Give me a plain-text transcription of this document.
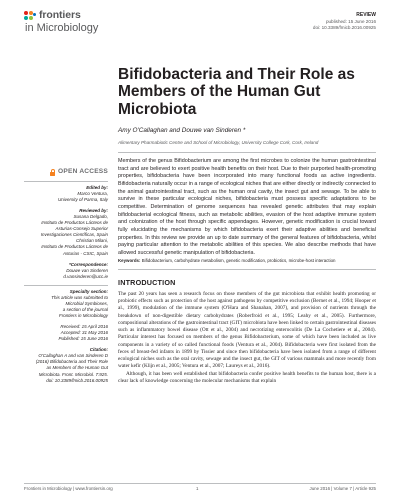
frontiers
in Microbiology
REVIEW
published: 15 June 2016
doi: 10.3389/fmicb.2016.00925
Bifidobacteria and Their Role as Members of the Human Gut Microbiota
Amy O'Callaghan and Douwe van Sinderen *
Alimentary Pharmabiotic Centre and School of Microbiology, University College Cork, Cork, Ireland
Members of the genus Bifidobacterium are among the first microbes to colonize the human gastrointestinal tract and are believed to exert positive health benefits on their host. Due to their purported health-promoting properties, bifidobacteria have been incorporated into many functional foods as active ingredients. Bifidobacteria naturally occur in a range of ecological niches that are either directly or indirectly connected to the animal gastrointestinal tract, such as the human oral cavity, the insect gut and sewage. To be able to survive in these particular ecological niches, bifidobacteria must possess specific adaptations to be competitive. Determination of genome sequences has revealed genetic attributes that may explain bifidobacterial ecological fitness, such as metabolic abilities, evasion of the host adaptive immune system and colonization of the host through specific appendages. However, genetic modification is crucial toward fully elucidating the mechanisms by which bifidobacteria exert their adaptive abilities and beneficial properties. In this review we provide an up to date summary of the general features of bifidobacteria, whilst paying particular attention to the metabolic abilities of this species. We also describe methods that have allowed successful genetic manipulation of bifidobacteria.
Keywords: Bifidobacterium, carbohydrate metabolism, genetic modification, probiotics, microbe-host interaction
INTRODUCTION

The past 20 years has seen a research focus on those members of the gut microbiota that exhibit health promoting or probiotic effects such as protection of the host against pathogens by competitive exclusion (Bernet et al., 1994; Hooper et al., 1999), modulation of the immune system (O'Hara and Shanahan, 2007), and provision of nutrients through the breakdown of non-digestible dietary carbohydrates (Roberfroid et al., 1995; Leahy et al., 2005). Furthermore, compositional alterations of the gastrointestinal tract (GIT) microbiota have been linked to certain gastrointestinal diseases such as inflammatory bowel disease (Ott et al., 2004) and necrotizing enterocolitis (De La Cochetiere et al., 2004). Particular interest has focused on members of the genus Bifidobacterium, some of which have been included as live components in a variety of so called functional foods (Ventura et al., 2004). Bifidobacteria were first isolated from the feces of breast-fed infants in 1899 by Tissier and since then bifidobacteria have been isolated from a range of different ecological niches such as the oral cavity, sewage and the insect gut, the GIT of various mammals and more recently from water kefir (Klijn et al., 2005; Ventura et al., 2007; Laureys et al., 2016).

Although, it has been well established that bifidobacteria confer positive health benefits to the human host, there is a clear lack of knowledge concerning the molecular mechanisms that explain

OPEN ACCESS
Edited by:
Marco Ventura,
University of Parma, Italy
Reviewed by:
Susana Delgado,
Instituto de Productos Lácteos de
Asturias-Consejo Superior
Investigaciones Científicas, Spain
Christian Milani,
Instituto de Productos Lácteos de
Asturias - CSIC, Spain
*Correspondence:
Douwe van Sinderen
d.vansinderen@ucc.ie
Specialty section:
This article was submitted to
Microbial Symbioses,
a section of the journal
Frontiers in Microbiology
Received: 15 April 2016
Accepted: 31 May 2016
Published: 15 June 2016
Citation:
O'Callaghan A and van Sinderen D
(2016) Bifidobacteria and Their Role
as Members of the Human Gut
Microbiota. Front. Microbiol. 7:925.
doi: 10.3389/fmicb.2016.00925
Frontiers in Microbiology | www.frontiersin.org	1	June 2016 | Volume 7 | Article 925
